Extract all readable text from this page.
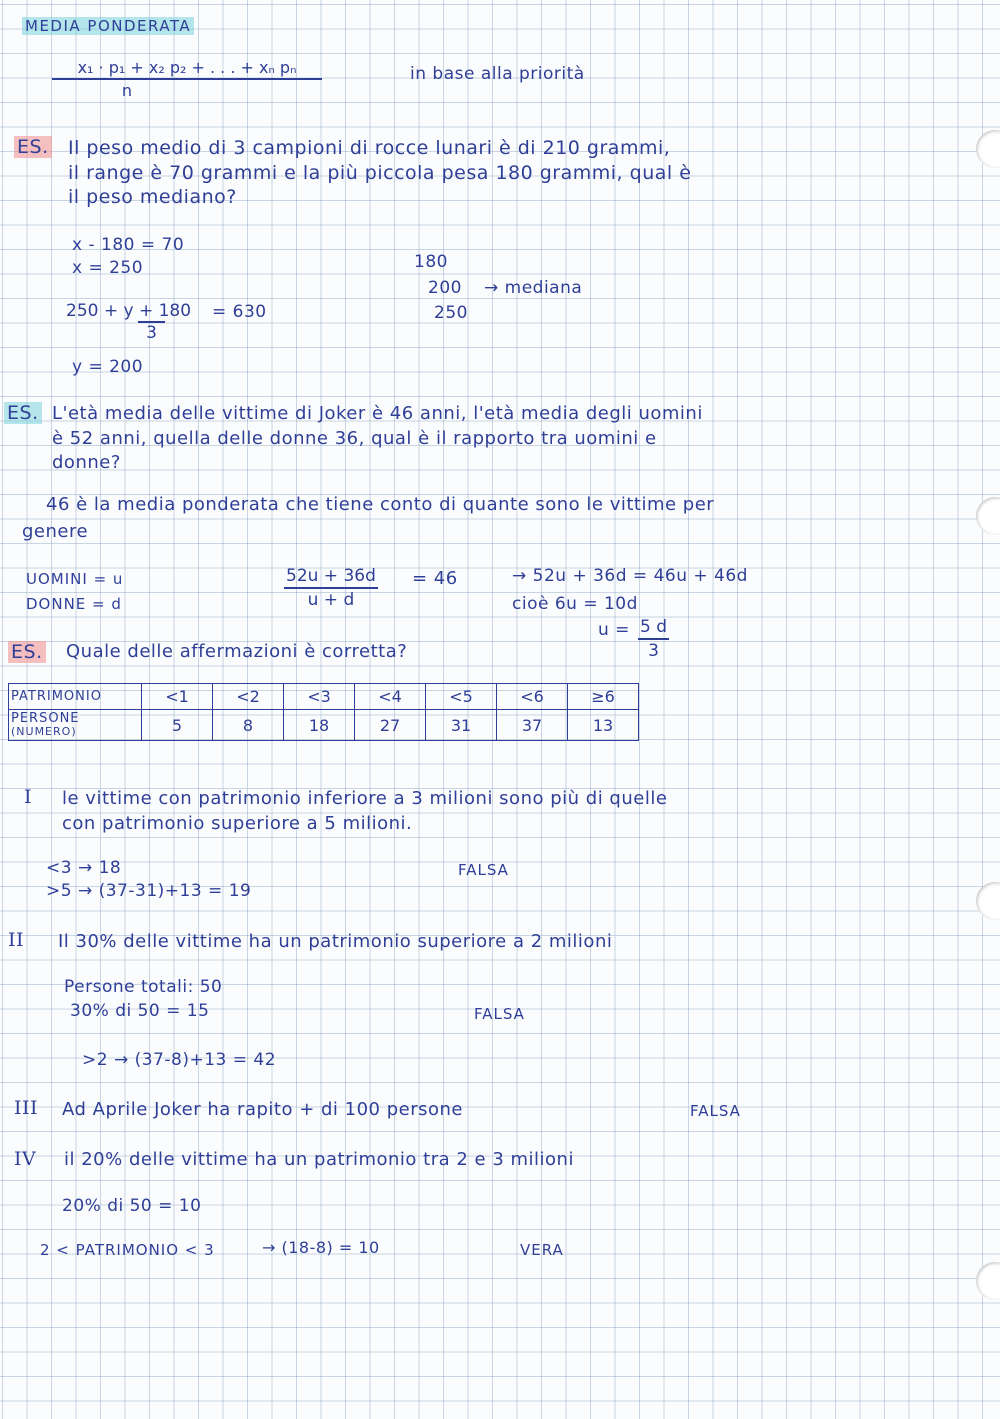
MEDIA PONDERATA
$\frac{\text{x₁ · p₁ + x₂ p₂ + . . . + xₙ pₙ}}{n}$	in base alla priorità
ES. Il peso medio di 3 campioni di rocce lunari è di 210 grammi,
il range è 70 grammi e la più piccola pesa 180 grammi, qual è
il peso mediano?
x - 180 = 70
x = 250
$\frac{250 + y + 180}{3} = 630$
y = 200
180
200 → mediana
250
ES. L'età media delle vittime di Joker è 46 anni, l'età media degli uomini
è 52 anni, quella delle donne 36, qual è il rapporto tra uomini e
donne?
46 è la media ponderata che tiene conto di quante sono le vittime per
genere
UOMINI = u
DONNE = d	$\frac{52u + 36d}{u + d} = 46$	→ 52u + 36d = 46u + 46d
cioè 6u = 10d
$u = \frac{5 d}{3}$
ES. Quale delle affermazioni è corretta?
PATRIMONIO	<1	<2	<3	<4	<5	<6	≥6
PERSONE
(NUMERO)	5	8	18	27	31	37	13
I le vittime con patrimonio inferiore a 3 milioni sono più di quelle
con patrimonio superiore a 5 milioni.
<3 → 18
>5 → (37-31)+13 = 19
FALSA
II Il 30% delle vittime ha un patrimonio superiore a 2 milioni
Persone totali: 50
30% di 50 = 15	FALSA
>2 → (37-8)+13 = 42
III Ad Aprile Joker ha rapito + di 100 persone	FALSA
IV il 20% delle vittime ha un patrimonio tra 2 e 3 milioni
20% di 50 = 10
2 < PATRIMONIO < 3	→ (18-8) = 10	VERA
